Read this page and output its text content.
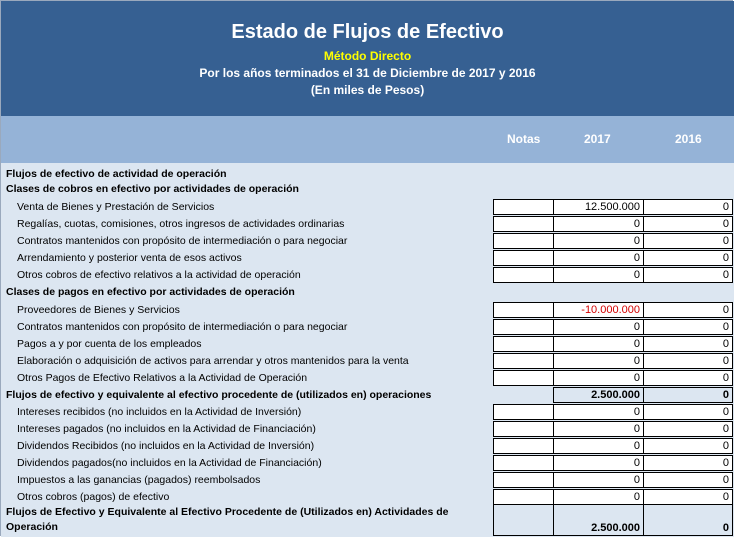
Estado de Flujos de Efectivo
Método Directo
Por los años terminados el 31 de Diciembre de 2017 y 2016
(En miles de Pesos)
Notas	2017	2016
Flujos de efectivo de actividad de operación
Clases de cobros en efectivo por actividades de operación
Venta de Bienes y Prestación de Servicios	12.500.000	0
Regalías, cuotas, comisiones, otros ingresos de actividades ordinarias	0	0
Contratos mantenidos con propósito de intermediación o para negociar	0	0
Arrendamiento y posterior venta de esos activos	0	0
Otros cobros de efectivo relativos a la actividad de operación	0	0
Clases de pagos en efectivo por actividades de operación
Proveedores de Bienes y Servicios	-10.000.000	0
Contratos mantenidos con propósito de intermediación o para negociar	0	0
Pagos a y por cuenta de los empleados	0	0
Elaboración o adquisición de activos para arrendar y otros mantenidos para la venta	0	0
Otros Pagos de Efectivo Relativos a la Actividad de Operación	0	0
Flujos de efectivo y equivalente al efectivo procedente de (utilizados en) operaciones	2.500.000	0
Intereses recibidos (no incluidos en la Actividad de Inversión)	0	0
Intereses pagados (no incluidos en la Actividad de Financiación)	0	0
Dividendos Recibidos (no incluidos en la Actividad de Inversión)	0	0
Dividendos pagados(no incluidos en la Actividad de Financiación)	0	0
Impuestos a las ganancias (pagados) reembolsados	0	0
Otros cobros (pagos) de efectivo	0	0
Flujos de Efectivo y Equivalente al Efectivo Procedente de (Utilizados en) Actividades de Operación	2.500.000	0
